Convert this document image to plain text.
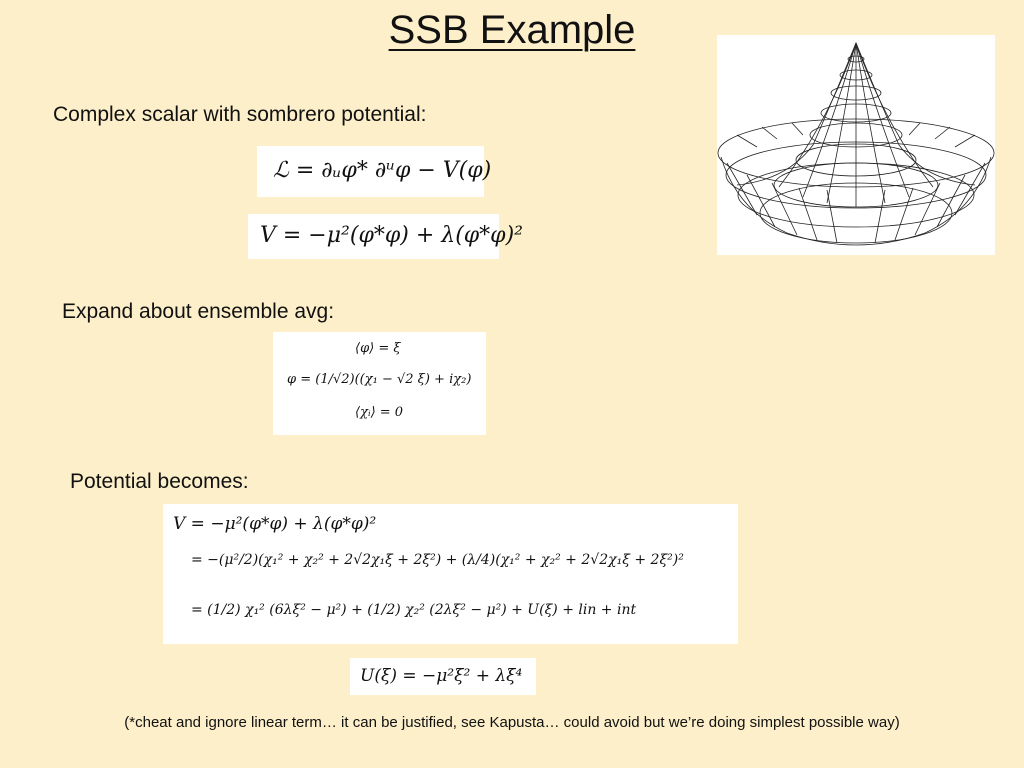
SSB Example
Complex scalar with sombrero potential:
ℒ = ∂ᵤφ* ∂ᵘφ − V(φ)
V = −μ²(φ*φ) + λ(φ*φ)²
Expand about ensemble avg:
⟨φ⟩ = ξ
φ = (1/√2)((χ₁ − √2 ξ) + iχ₂)
⟨χᵢ⟩ = 0
Potential becomes:
V = −μ²(φ*φ) + λ(φ*φ)²
= −(μ²/2)(χ₁² + χ₂² + 2√2χ₁ξ + 2ξ²) + (λ/4)(χ₁² + χ₂² + 2√2χ₁ξ + 2ξ²)²
= (1/2) χ₁² (6λξ² − μ²) + (1/2) χ₂² (2λξ² − μ²) + U(ξ) + lin + int
U(ξ) = −μ²ξ² + λξ⁴
(*cheat and ignore linear term… it can be justified, see Kapusta… could avoid but we’re doing simplest possible way)
